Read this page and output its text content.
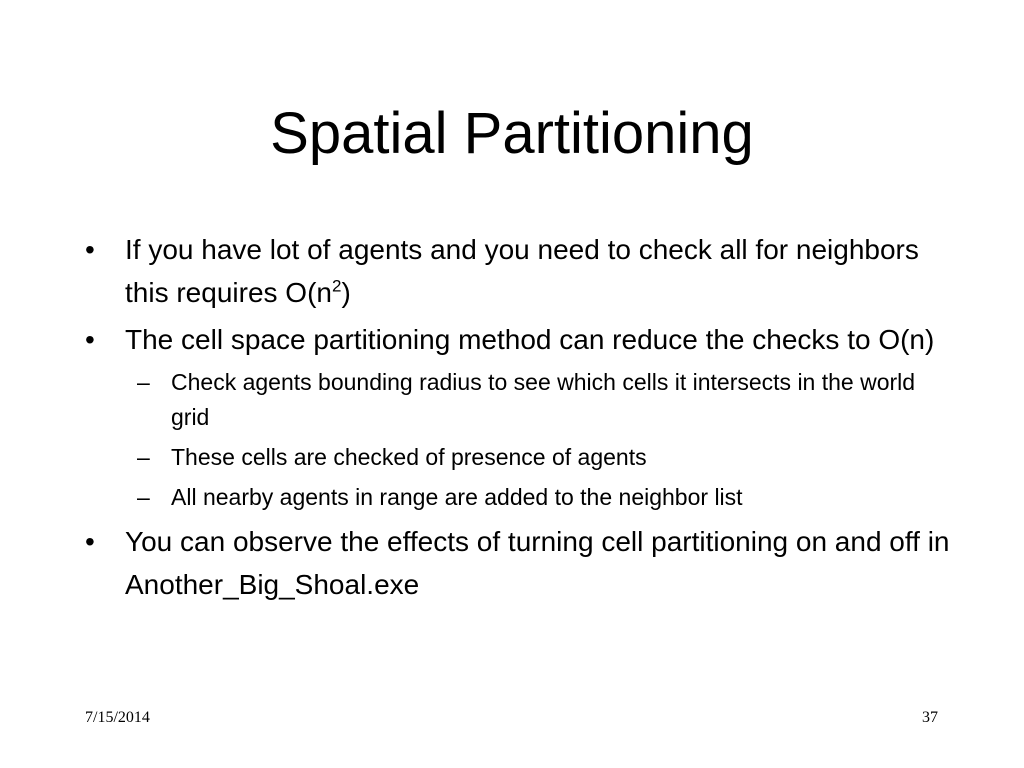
Spatial Partitioning
•	If you have lot of agents and you need to check all for neighbors this requires $O(n^2)$
•	The cell space partitioning method can reduce the checks to O(n)
– Check agents bounding radius to see which cells it intersects in the world grid
– These cells are checked of presence of agents
– All nearby agents in range are added to the neighbor list
•	You can observe the effects of turning cell partitioning on and off in Another_Big_Shoal.exe
7/15/2014	37
